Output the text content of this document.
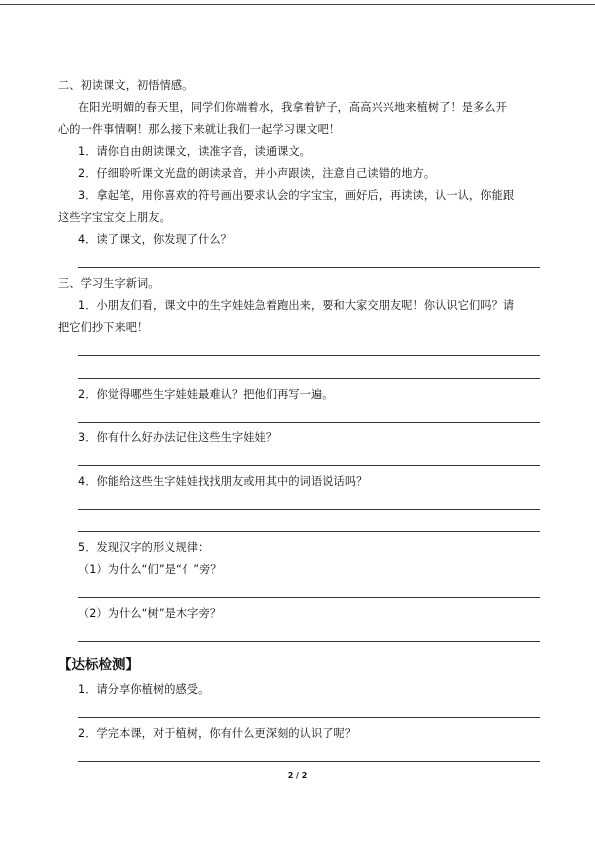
二、初读课文，初悟情感。
在阳光明媚的春天里，同学们你端着水，我拿着铲子，高高兴兴地来植树了！是多么开
心的一件事情啊！那么接下来就让我们一起学习课文吧！
1．请你自由朗读课文，读准字音，读通课文。
2．仔细聆听课文光盘的朗读录音，并小声跟读，注意自己读错的地方。
3．拿起笔，用你喜欢的符号画出要求认会的字宝宝，画好后，再读读，认一认，你能跟
这些字宝宝交上朋友。
4．读了课文，你发现了什么？
三、学习生字新词。
1．小朋友们看，课文中的生字娃娃急着跑出来，要和大家交朋友呢！你认识它们吗？请
把它们抄下来吧！
2．你觉得哪些生字娃娃最难认？把他们再写一遍。
3．你有什么好办法记住这些生字娃娃？
4．你能给这些生字娃娃找找朋友或用其中的词语说话吗？
5．发现汉字的形义规律：
（1）为什么“们”是“亻”旁？
（2）为什么“树”是木字旁？
【达标检测】
1．请分享你植树的感受。
2．学完本课，对于植树，你有什么更深刻的认识了呢？
2 / 2
